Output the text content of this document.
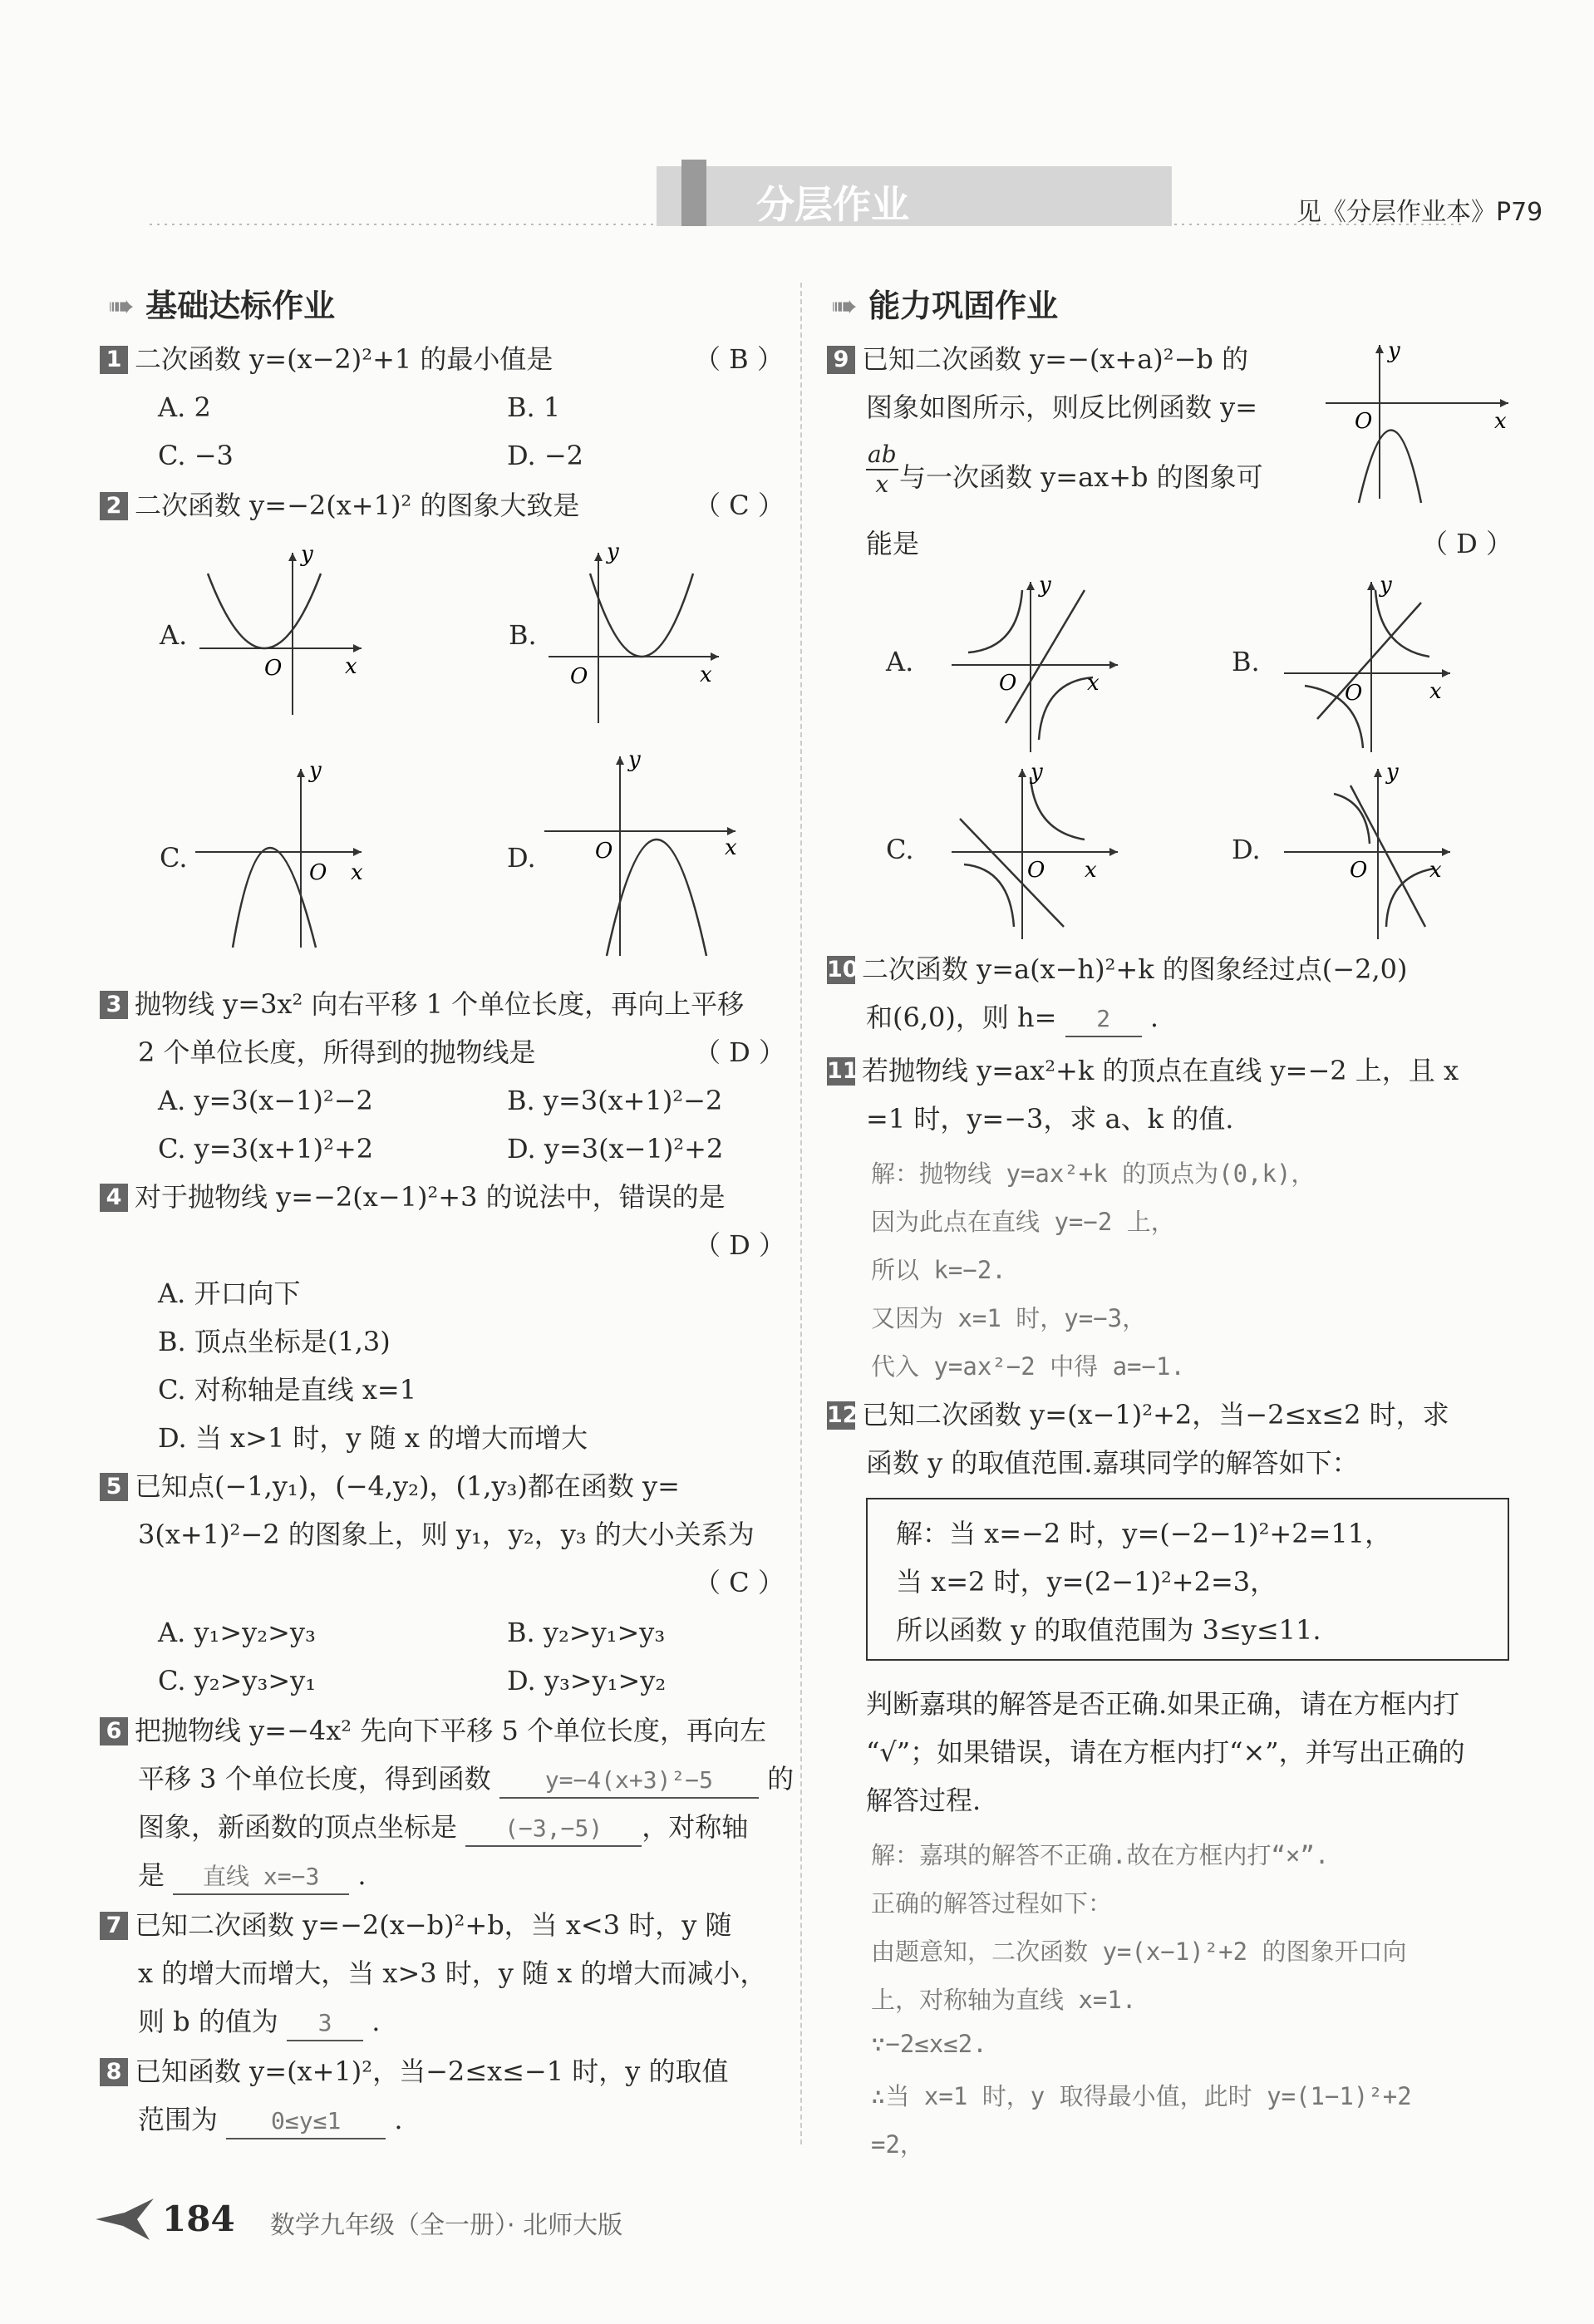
分层作业	见《分层作业本》P79
➠ 基础达标作业
1 二次函数 y=(x−2)²+1 的最小值是	（ B ）
A. 2	B. 1
C. −3	D. −2
2 二次函数 y=−2(x+1)² 的图象大致是	（ C ）
A.
y
x
O
B.
y
x
O
C.
y
x
O	D.
y
x
O
3 抛物线 y=3x² 向右平移 1 个单位长度，再向上平移
2 个单位长度，所得到的抛物线是	（ D ）
A. y=3(x−1)²−2	B. y=3(x+1)²−2
C. y=3(x+1)²+2	D. y=3(x−1)²+2
4 对于抛物线 y=−2(x−1)²+3 的说法中，错误的是
（ D ）
A. 开口向下
B. 顶点坐标是(1,3)
C. 对称轴是直线 x=1
D. 当 x>1 时，y 随 x 的增大而增大
5 已知点(−1,y₁)，(−4,y₂)，(1,y₃)都在函数 y=
3(x+1)²−2 的图象上，则 y₁，y₂，y₃ 的大小关系为
（ C ）
A. y₁>y₂>y₃	B. y₂>y₁>y₃
C. y₂>y₃>y₁	D. y₃>y₁>y₂
6 把抛物线 y=−4x² 先向下平移 5 个单位长度，再向左
平移 3 个单位长度，得到函数 y=−4(x+3)²−5 的
图象，新函数的顶点坐标是 (−3,−5) ，对称轴
是 直线 x=−3 .
7 已知二次函数 y=−2(x−b)²+b，当 x<3 时，y 随
x 的增大而增大，当 x>3 时，y 随 x 的增大而减小，
则 b 的值为 3 .
8 已知函数 y=(x+1)²，当−2≤x≤−1 时，y 的取值
范围为 0≤y≤1 .
➠ 能力巩固作业
9 已知二次函数 y=−(x+a)²−b 的
图象如图所示，则反比例函数 y=
ab
x 与一次函数 y=ax+b 的图象可
能是	（ D ）
y
x
O
A.
y
x
O
B.
y
x
O
C.
y
x
O
D.
y
x
O
10 二次函数 y=a(x−h)²+k 的图象经过点(−2,0)
和(6,0)，则 h= 2 .
11 若抛物线 y=ax²+k 的顶点在直线 y=−2 上，且 x
=1 时，y=−3，求 a、k 的值.
解：抛物线 y=ax²+k 的顶点为(0,k)，
因为此点在直线 y=−2 上，
所以 k=−2.
又因为 x=1 时，y=−3，
代入 y=ax²−2 中得 a=−1.
12 已知二次函数 y=(x−1)²+2，当−2≤x≤2 时，求
函数 y 的取值范围.嘉琪同学的解答如下：
解：当 x=−2 时，y=(−2−1)²+2=11，
当 x=2 时，y=(2−1)²+2=3，
所以函数 y 的取值范围为 3≤y≤11.
判断嘉琪的解答是否正确.如果正确，请在方框内打
“√”；如果错误，请在方框内打“×”，并写出正确的
解答过程.
解：嘉琪的解答不正确.故在方框内打“×”.
正确的解答过程如下：
由题意知，二次函数 y=(x−1)²+2 的图象开口向
上，对称轴为直线 x=1.
∵−2≤x≤2.
∴当 x=1 时，y 取得最小值，此时 y=(1−1)²+2
=2，
184 数学九年级（全一册）· 北师大版
